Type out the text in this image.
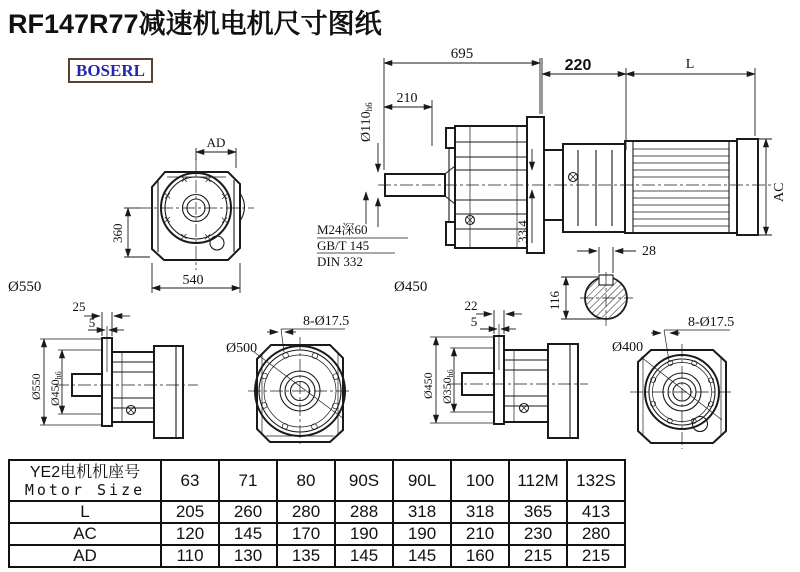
695
210
220	L
AC
Ø110h6
M24深60
GB/T 145
DIN 332
33.4
Ø450
Ø550
AD
360
540
28
116
25
5
Ø550 Ø450h6
Ø500
8-Ø17.5
22
5
Ø450 Ø350h6
Ø400
8-Ø17.5
RF147R77减速机电机尺寸图纸
BOSERL
YE2电机机座号
Motor Size	63	71	80	90S	90L	100	112M	132S
L	205	260	280	288	318	318	365	413
AC	120	145	170	190	190	210	230	280
AD	110	130	135	145	145	160	215	215
